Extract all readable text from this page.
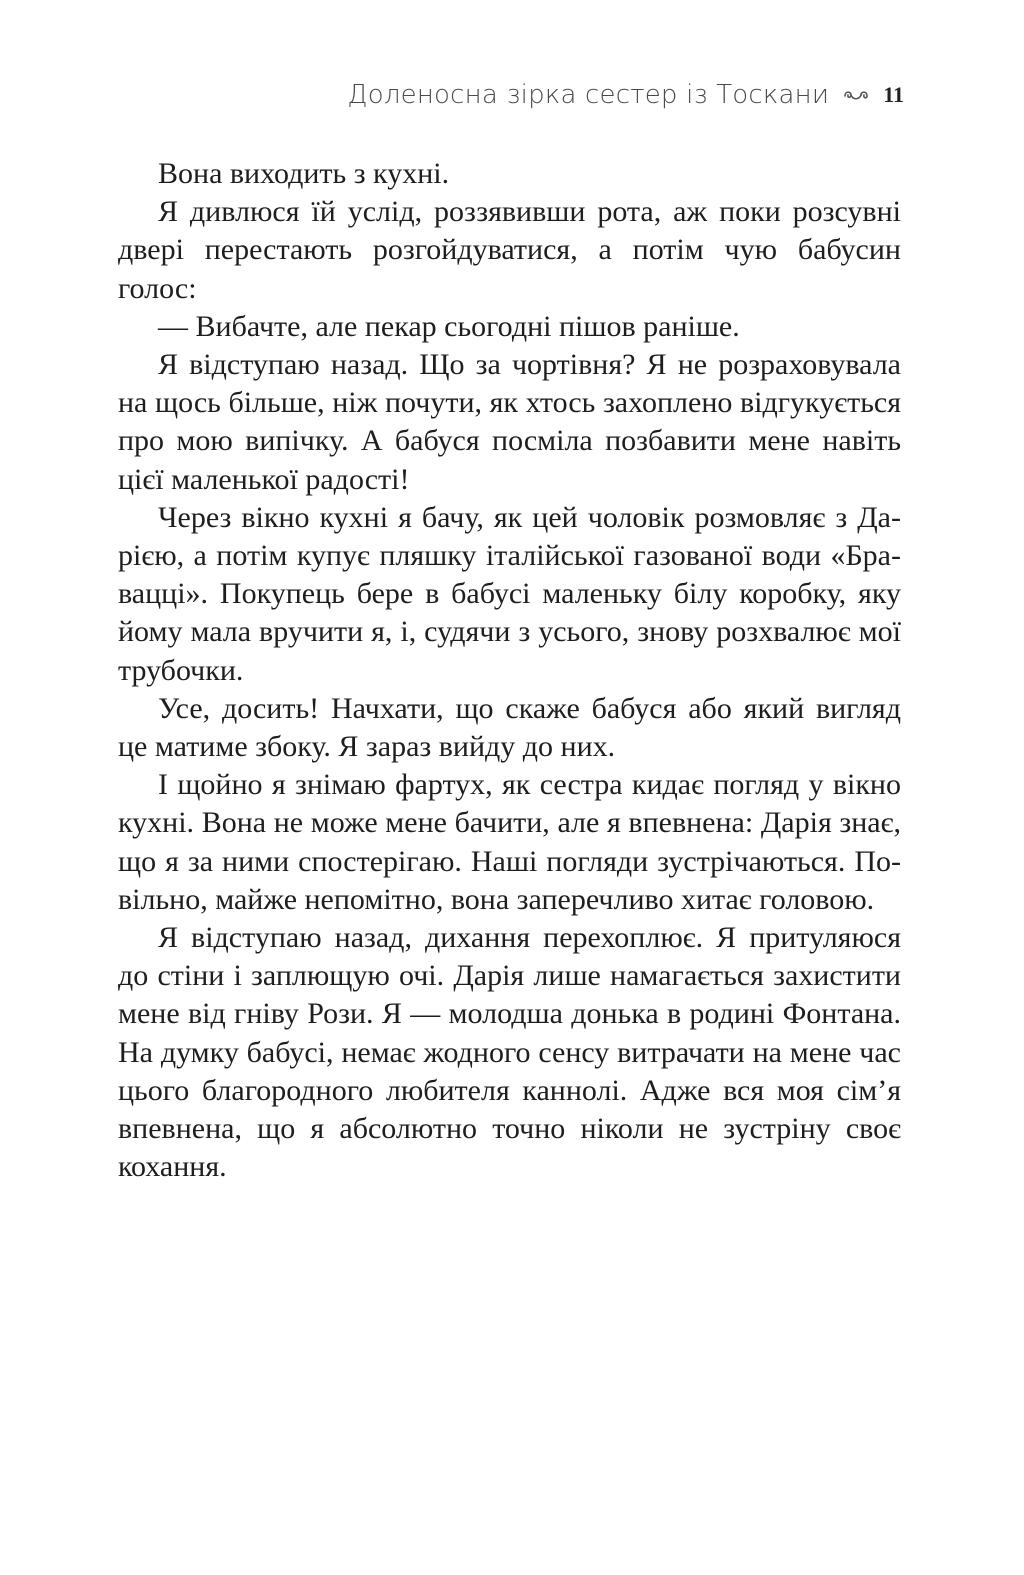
Доленосна зірка сестер із Тоскани 11

Вона виходить з кухні.

Я дивлюся їй услід, роззявивши рота, аж поки розсувні двері перестають розгойдуватися, а потім чую бабусин голос:

— Вибачте, але пекар сьогодні пішов раніше.

Я відступаю назад. Що за чортівня? Я не розраховувала на щось більше, ніж почути, як хтось захоплено відгукується про мою випічку. А бабуся посміла позбавити мене навіть цієї маленької радості!

Через вікно кухні я бачу, як цей чоловік розмовляє з Дарією, а потім купує пляшку італійської газованої води «Бравацці». Покупець бере в бабусі маленьку білу коробку, яку йому мала вручити я, і, судячи з усього, знову розхвалює мої трубочки.

Усе, досить! Начхати, що скаже бабуся або який вигляд це матиме збоку. Я зараз вийду до них.

І щойно я знімаю фартух, як сестра кидає погляд у вікно кухні. Вона не може мене бачити, але я впевнена: Дарія знає, що я за ними спостерігаю. Наші погляди зустрічаються. Повільно, майже непомітно, вона заперечливо хитає головою.

Я відступаю назад, дихання перехоплює. Я притуляюся до стіни і заплющую очі. Дарія лише намагається захистити мене від гніву Рози. Я — молодша донька в родині Фонтана. На думку бабусі, немає жодного сенсу витрачати на мене час цього благородного любителя каннолі. Адже вся моя сім’я впевнена, що я абсолютно точно ніколи не зустріну своє кохання.
